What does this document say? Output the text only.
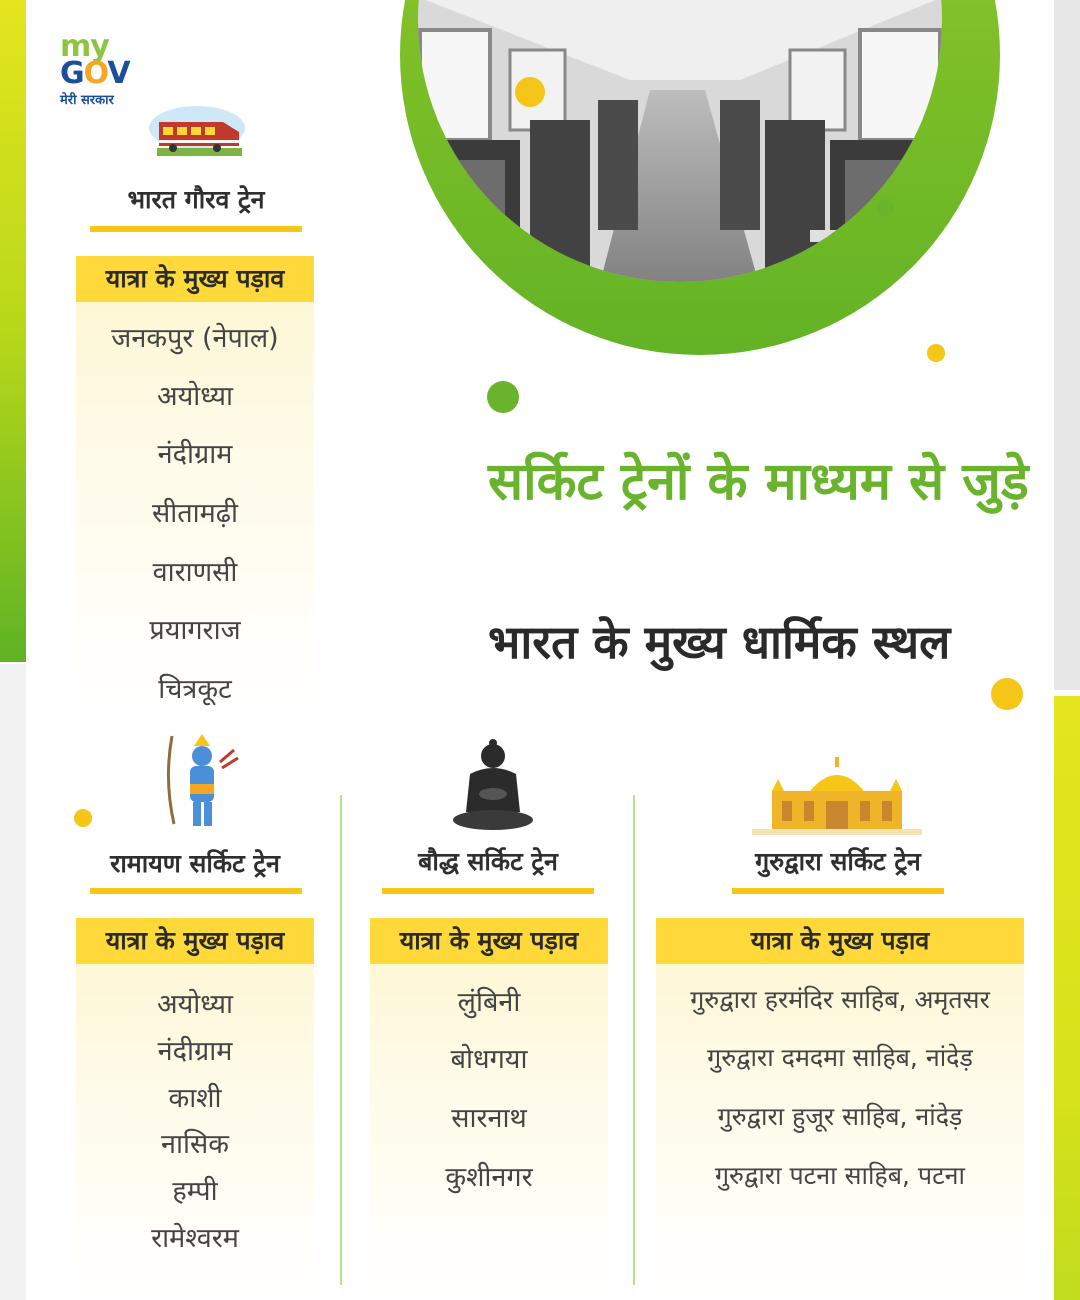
my
GOV
मेरी सरकार
भारत गौरव ट्रेन
यात्रा के मुख्य पड़ाव
जनकपुर (नेपाल)
अयोध्या
नंदीग्राम
सीतामढ़ी
वाराणसी
प्रयागराज
चित्रकूट
सर्किट ट्रेनों के माध्यम से जुड़े
भारत के मुख्य धार्मिक स्थल
रामायण सर्किट ट्रेन
यात्रा के मुख्य पड़ाव
अयोध्या
नंदीग्राम
काशी
नासिक
हम्पी
रामेश्वरम
बौद्ध सर्किट ट्रेन
यात्रा के मुख्य पड़ाव
लुंबिनी
बोधगया
सारनाथ
कुशीनगर
गुरुद्वारा सर्किट ट्रेन
यात्रा के मुख्य पड़ाव
गुरुद्वारा हरमंदिर साहिब, अमृतसर
गुरुद्वारा दमदमा साहिब, नांदेड़
गुरुद्वारा हुजूर साहिब, नांदेड़
गुरुद्वारा पटना साहिब, पटना
